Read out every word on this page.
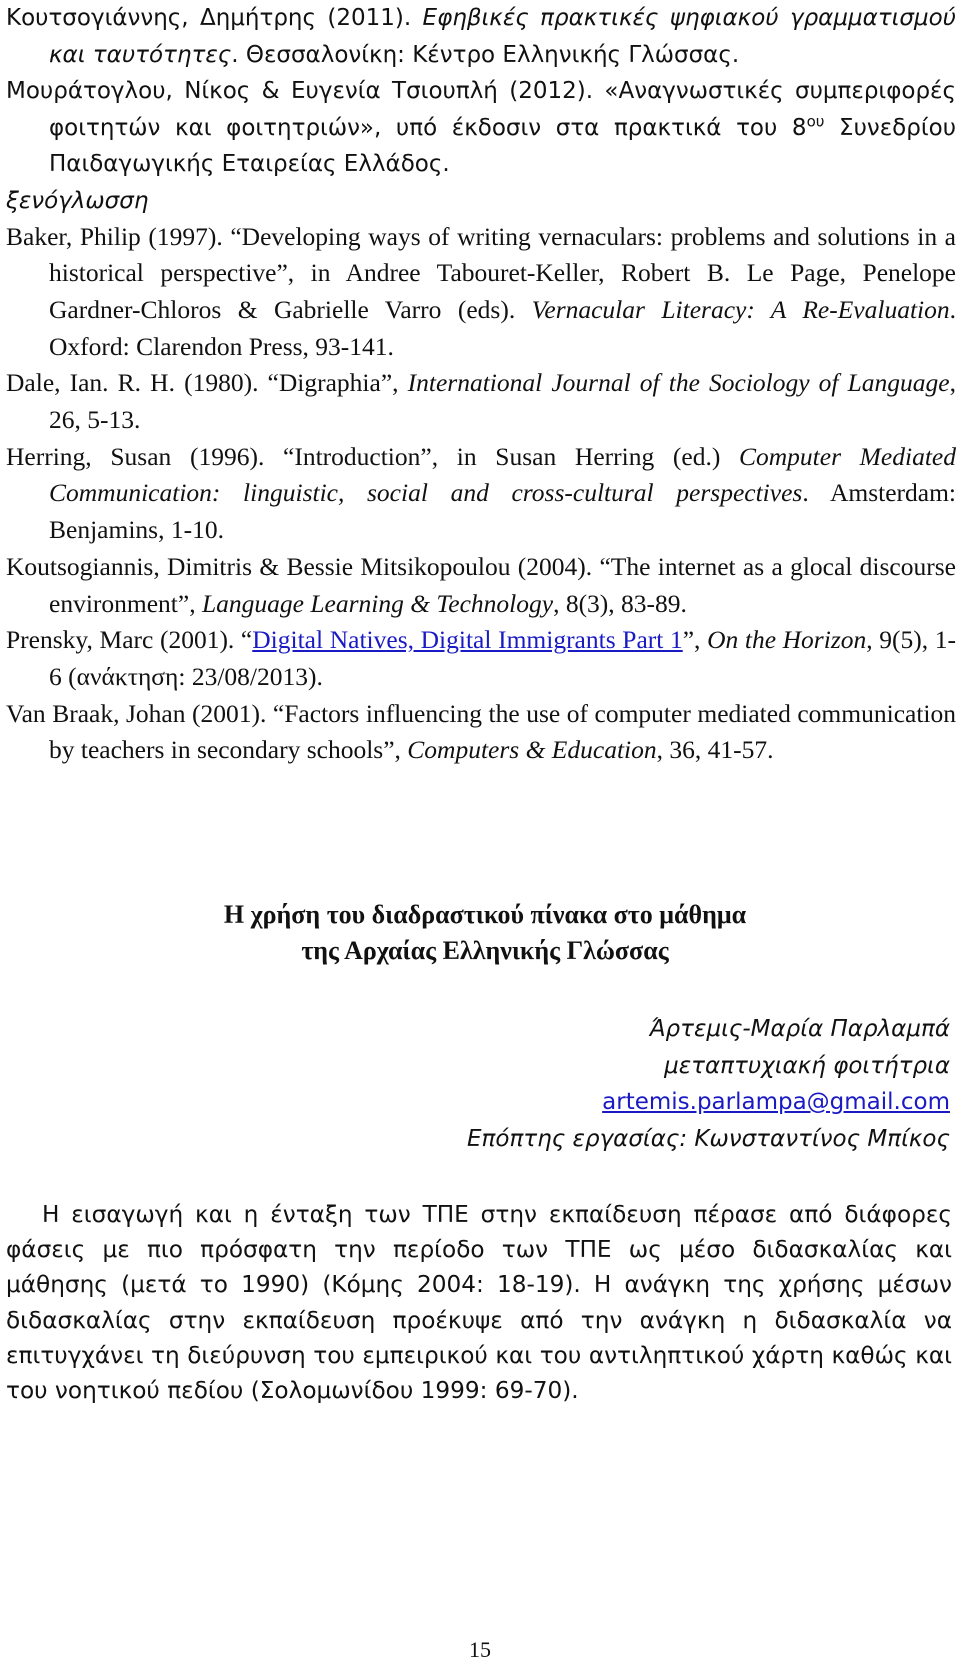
Κουτσογιάννης, Δημήτρης (2011). Εφηβικές πρακτικές ψηφιακού γραμματισμού και ταυτότητες. Θεσσαλονίκη: Κέντρο Ελληνικής Γλώσσας.

Μουράτογλου, Νίκος & Ευγενία Τσιουπλή (2012). «Αναγνωστικές συμπεριφορές φοιτητών και φοιτητριών», υπό έκδοσιν στα πρακτικά του $8^{o\upsilon}$ Συνεδρίου Παιδαγωγικής Εταιρείας Ελλάδος.

ξενόγλωσση

Baker, Philip (1997). “Developing ways of writing vernaculars: problems and solutions in a historical perspective”, in Andree Tabouret-Keller, Robert B. Le Page, Penelope Gardner-Chloros & Gabrielle Varro (eds). Vernacular Literacy: A Re-Evaluation. Oxford: Clarendon Press, 93-141.

Dale, Ian. R. H. (1980). “Digraphia”, International Journal of the Sociology of Language, 26, 5-13.

Herring, Susan (1996). “Introduction”, in Susan Herring (ed.) Computer Mediated Communication: linguistic, social and cross-cultural perspectives. Amsterdam: Benjamins, 1-10.

Koutsogiannis, Dimitris & Bessie Mitsikopoulou (2004). “The internet as a glocal discourse environment”, Language Learning & Technology, 8(3), 83-89.

Prensky, Marc (2001). “Digital Natives, Digital Immigrants Part 1”, On the Horizon, 9(5), 1-6 (ανάκτηση: 23/08/2013).

Van Braak, Johan (2001). “Factors influencing the use of computer mediated communication by teachers in secondary schools”, Computers & Education, 36, 41-57.

Η χρήση του διαδραστικού πίνακα στο μάθημα
της Αρχαίας Ελληνικής Γλώσσας
Άρτεμις-Μαρία Παρλαμπά
μεταπτυχιακή φοιτήτρια
artemis.parlampa@gmail.com
Επόπτης εργασίας: Κωνσταντίνος Μπίκος

Η εισαγωγή και η ένταξη των ΤΠΕ στην εκπαίδευση πέρασε από διάφορες φάσεις με πιο πρόσφατη την περίοδο των ΤΠΕ ως μέσο διδασκαλίας και μάθησης (μετά το 1990) (Κόμης 2004: 18-19). Η ανάγκη της χρήσης μέσων διδασκαλίας στην εκπαίδευση προέκυψε από την ανάγκη η διδασκαλία να επιτυγχάνει τη διεύρυνση του εμπειρικού και του αντιληπτικού χάρτη καθώς και του νοητικού πεδίου (Σολομωνίδου 1999: 69-70).

15
